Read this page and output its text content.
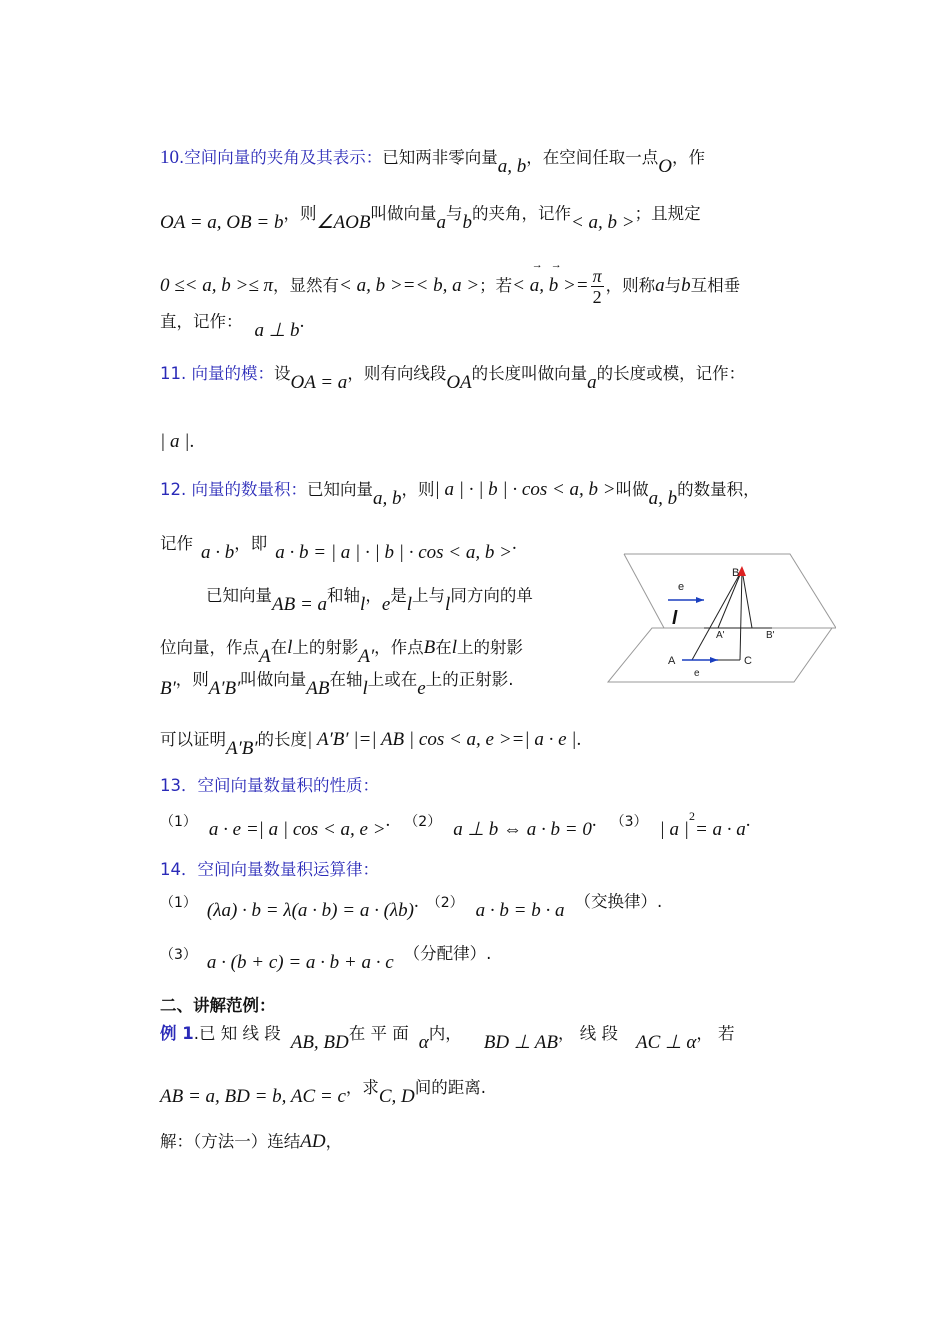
10.空间向量的夹角及其表示：已知两非零向量a, b，在空间任取一点O，作
OA = a, OB = b，则∠AOB叫做向量a与b的夹角，记作< a, b >；且规定
0 ≤< a, b >≤ π，显然有< a, b >=< b, a >；若< → a, → $b >= \frac{\pi}{2}$ ，则称a与b互相垂
直，记作： a ⊥ b.
11. 向量的模：设OA = a，则有向线段OA的长度叫做向量a的长度或模，记作：
| a |.
12. 向量的数量积：已知向量a, b，则| a | · | b | · cos < a, b >叫做a, b的数量积，
记作 a · b，即 a · b = | a | · | b | · cos < a, b >.
已知向量AB = a和轴l，e是l上与l同方向的单
位向量，作点A在l上的射影A′，作点B在l上的射影
B′，则A′B′叫做向量AB在轴l上或在e上的正射影.
可以证明A′B′的长度| A′B′ |=| AB | cos < a, e >=| a · e |.
e
l
B
A'	B'
A	C
e
13．空间向量数量积的性质：
（1） a · e =| a | cos < a, e >. （2） a ⊥ b ⇔ a · b = 0. （3） | a $|^2= a \cdot a$.
14．空间向量数量积运算律：
（1） (λa) · b = λ(a · b) = a · (λb). （2） a · b = b · a （交换律）.
（3） a · (b + c) = a · b + a · c （分配律）.
二、讲解范例：
例 1.已 知 线 段 AB, BD在 平 面 α内， BD ⊥ AB， 线 段 AC ⊥ α， 若
AB = a, BD = b, AC = c，求C, D间的距离.
解：（方法一）连结AD，
